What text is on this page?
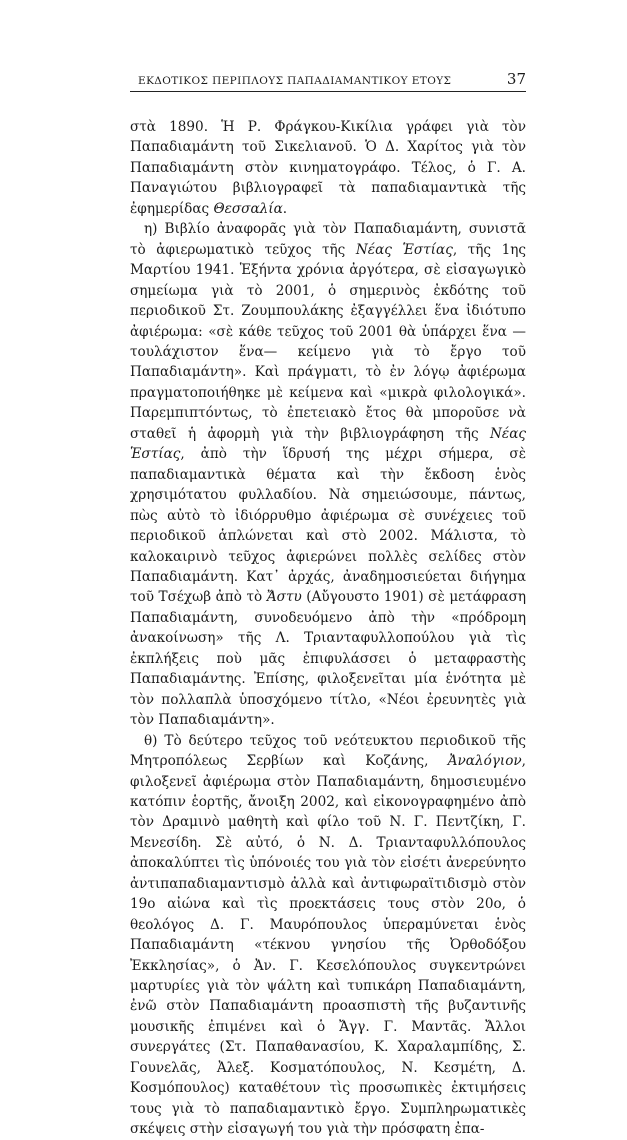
ΕΚΔΟΤΙΚΟΣ ΠΕΡΙΠΛΟΥΣ ΠΑΠΑΔΙΑΜΑΝΤΙΚΟΥ ΕΤΟΥΣ	37

στὰ 1890. Ἡ Ρ. Φράγκου-Κικίλια γράφει γιὰ τὸν Παπαδιαμάντη τοῦ Σικελιανοῦ. Ὁ Δ. Χαρίτος γιὰ τὸν Παπαδιαμάντη στὸν κινηματογράφο. Τέλος, ὁ Γ. Α. Παναγιώτου βιβλιογραφεῖ τὰ παπαδιαμαντικὰ τῆς ἐφημερίδας Θεσσαλία.

η) Βιβλίο ἀναφορᾶς γιὰ τὸν Παπαδιαμάντη, συνιστᾶ τὸ ἀφιερωματικὸ τεῦχος τῆς Νέας Ἑστίας, τῆς 1ης Μαρτίου 1941. Ἑξήντα χρόνια ἀργότερα, σὲ εἰσαγωγικὸ σημείωμα γιὰ τὸ 2001, ὁ σημερινὸς ἐκδότης τοῦ περιοδικοῦ Στ. Ζουμπουλάκης ἐξαγγέλλει ἕνα ἰδιότυπο ἀφιέρωμα: «σὲ κάθε τεῦχος τοῦ 2001 θὰ ὑπάρχει ἕνα —τουλάχιστον ἕνα— κείμενο γιὰ τὸ ἔργο τοῦ Παπαδιαμάντη». Καὶ πράγματι, τὸ ἐν λόγῳ ἀφιέρωμα πραγματοποιήθηκε μὲ κείμενα καὶ «μικρὰ φιλολογικά». Παρεμπιπτόντως, τὸ ἐπετειακὸ ἔτος θὰ μποροῦσε νὰ σταθεῖ ἡ ἀφορμὴ γιὰ τὴν βιβλιογράφηση τῆς Νέας Ἑστίας, ἀπὸ τὴν ἵδρυσή της μέχρι σήμερα, σὲ παπαδιαμαντικὰ θέματα καὶ τὴν ἔκδοση ἑνὸς χρησιμότατου φυλλαδίου. Νὰ σημειώσουμε, πάντως, πὼς αὐτὸ τὸ ἰδιόρρυθμο ἀφιέρωμα σὲ συνέχειες τοῦ περιοδικοῦ ἁπλώνεται καὶ στὸ 2002. Μάλιστα, τὸ καλοκαιρινὸ τεῦχος ἀφιερώνει πολλὲς σελίδες στὸν Παπαδιαμάντη. Κατ᾽ ἀρχάς, ἀναδημοσιεύεται διήγημα τοῦ Τσέχωβ ἀπὸ τὸ Ἄστυ (Αὔγουστο 1901) σὲ μετάφραση Παπαδιαμάντη, συνοδευόμενο ἀπὸ τὴν «πρόδρομη ἀνακοίνωση» τῆς Λ. Τριανταφυλλοπούλου γιὰ τὶς ἐκπλήξεις ποὺ μᾶς ἐπιφυλάσσει ὁ μεταφραστὴς Παπαδιαμάντης. Ἐπίσης, φιλοξενεῖται μία ἑνότητα μὲ τὸν πολλαπλὰ ὑποσχόμενο τίτλο, «Νέοι ἐρευνητὲς γιὰ τὸν Παπαδιαμάντη».

θ) Τὸ δεύτερο τεῦχος τοῦ νεότευκτου περιοδικοῦ τῆς Μητροπόλεως Σερβίων καὶ Κοζάνης, Ἀναλόγιον, φιλοξενεῖ ἀφιέρωμα στὸν Παπαδιαμάντη, δημοσιευμένο κατόπιν ἑορτῆς, ἄνοιξη 2002, καὶ εἰκονογραφημένο ἀπὸ τὸν Δραμινὸ μαθητὴ καὶ φίλο τοῦ Ν. Γ. Πεντζίκη, Γ. Μενεσίδη. Σὲ αὐτό, ὁ Ν. Δ. Τριανταφυλλόπουλος ἀποκαλύπτει τὶς ὑπόνοιές του γιὰ τὸν εἰσέτι ἀνερεύνητο ἀντιπαπαδιαμαντισμὸ ἀλλὰ καὶ ἀντιφωραϊτιδισμὸ στὸν 19ο αἰώνα καὶ τὶς προεκτάσεις τους στὸν 20ο, ὁ θεολόγος Δ. Γ. Μαυρόπουλος ὑπεραμύνεται ἑνὸς Παπαδιαμάντη «τέκνου γνησίου τῆς Ὀρθοδόξου Ἐκκλησίας», ὁ Ἀν. Γ. Κεσελόπουλος συγκεντρώνει μαρτυρίες γιὰ τὸν ψάλτη καὶ τυπικάρη Παπαδιαμάντη, ἐνῶ στὸν Παπαδιαμάντη προασπιστὴ τῆς βυζαντινῆς μουσικῆς ἐπιμένει καὶ ὁ Ἄγγ. Γ. Μαντᾶς. Ἄλλοι συνεργάτες (Στ. Παπαθανασίου, Κ. Χαραλαμπίδης, Σ. Γουνελᾶς, Ἀλεξ. Κοσματόπουλος, Ν. Κεσμέτη, Δ. Κοσμόπουλος) καταθέτουν τὶς προσωπικὲς ἐκτιμήσεις τους γιὰ τὸ παπαδιαμαντικὸ ἔργο. Συμπληρωματικὲς σκέψεις στὴν εἰσαγωγή του γιὰ τὴν πρόσφατη ἐπα-
